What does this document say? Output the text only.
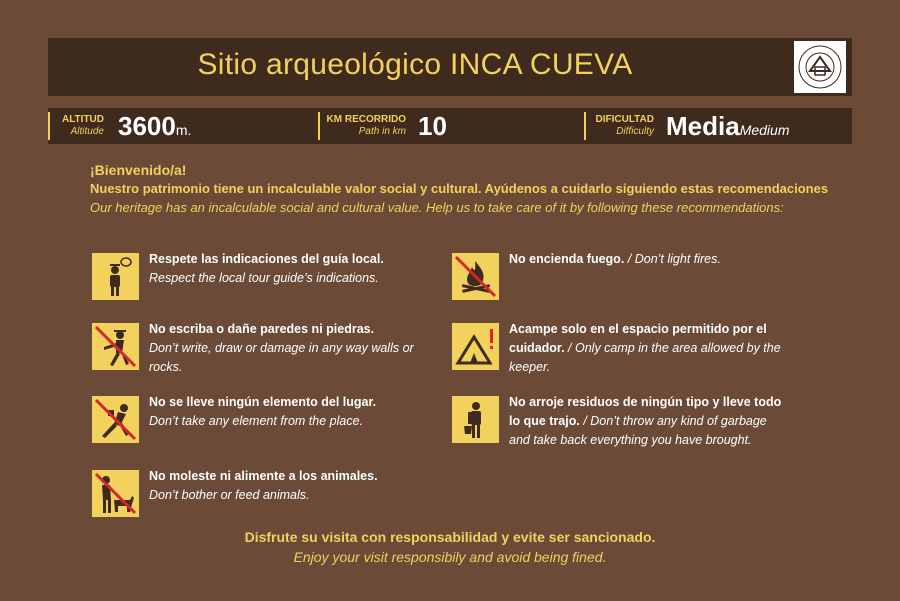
Sitio arqueológico INCA CUEVA
ALTITUD
Altitude 3600m.
KM RECORRIDO
Path in km 10	DIFICULTAD
Difficulty MediaMedium
¡Bienvenido/a!
Nuestro patrimonio tiene un incalculable valor social y cultural. Ayúdenos a cuidarlo siguiendo estas recomendaciones
Our heritage has an incalculable social and cultural value. Help us to take care of it by following these recommendations:
Respete las indicaciones del guía local.
Respect the local tour guide’s indications.
No escriba o dañe paredes ni piedras.
Don’t write, draw or damage in any way walls or rocks.
No se lleve ningún elemento del lugar.
Don’t take any element from the place.
No moleste ni alimente a los animales.
Don’t bother or feed animals.
No encienda fuego. / Don’t light fires.
Acampe solo en el espacio permitido por el cuidador. / Only camp in the area allowed by the keeper.
No arroje residuos de ningún tipo y lleve todo lo que trajo. / Don’t throw any kind of garbage and take back everything you have brought.
Disfrute su visita con responsabilidad y evite ser sancionado.
Enjoy your visit responsibily and avoid being fined.
